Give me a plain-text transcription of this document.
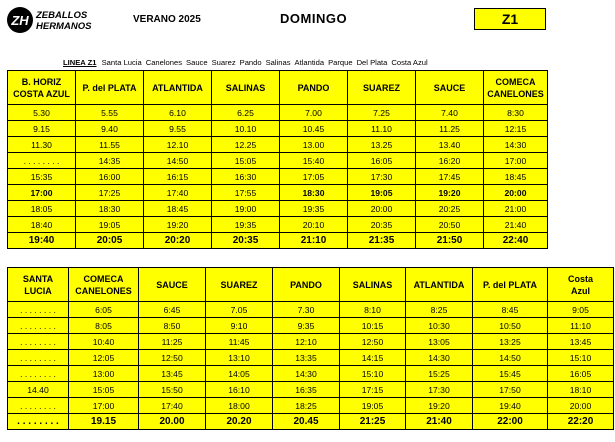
ZH ZEBALLOS
HERMANOS
VERANO 2025	DOMINGO	Z1
LINEA Z1 Santa Lucia Canelones Sauce Suarez Pando Salinas Atlantida Parque Del Plata Costa Azul
B. HORIZ
COSTA AZUL	P. del PLATA	ATLANTIDA	SALINAS	PANDO	SUAREZ	SAUCE	COMECA
CANELONES

5.30	5.55	6.10	6.25	7.00	7.25	7.40	8:30
9.15	9.40	9.55	10.10	10.45	11.10	11.25	12:15
11.30	11.55	12.10	12.25	13.00	13.25	13.40	14:30
. . . . . . . .	14:35	14:50	15:05	15:40	16:05	16:20	17:00
15:35	16:00	16:15	16:30	17:05	17:30	17:45	18:45
17:00	17:25	17:40	17:55	18:30	19:05	19:20	20:00
18:05	18:30	18:45	19:00	19:35	20:00	20:25	21:00
18:40	19:05	19:20	19:35	20:10	20:35	20:50	21:40
19:40	20:05	20:20	20:35	21:10	21:35	21:50	22:40
SANTA
LUCIA	COMECA
CANELONES	SAUCE	SUAREZ	PANDO	SALINAS	ATLANTIDA	P. del PLATA	Costa
Azul

. . . . . . . .	6:05	6:45	7.05	7.30	8:10	8:25	8:45	9:05
. . . . . . . .	8:05	8:50	9:10	9:35	10:15	10:30	10:50	11:10
. . . . . . . .	10:40	11:25	11:45	12:10	12:50	13:05	13:25	13:45
. . . . . . . .	12:05	12:50	13:10	13:35	14:15	14:30	14:50	15:10
. . . . . . . .	13:00	13:45	14:05	14:30	15:10	15:25	15:45	16:05
14.40	15:05	15:50	16:10	16:35	17:15	17:30	17:50	18:10
. . . . . . . .	17:00	17:40	18:00	18:25	19:05	19:20	19:40	20:00
. . . . . . . .	19.15	20.00	20.20	20.45	21:25	21:40	22:00	22:20
